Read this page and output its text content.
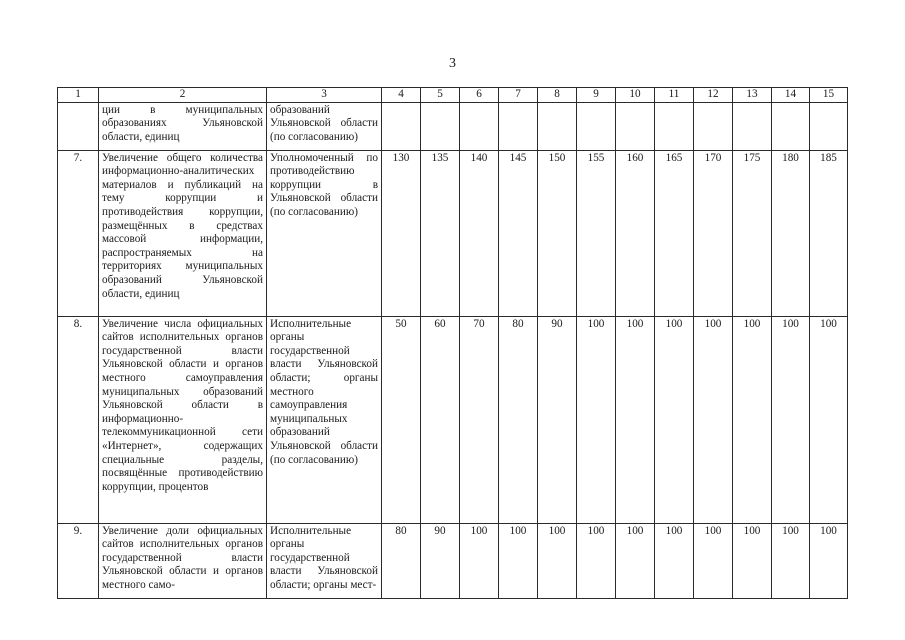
3
1	2	3	4	5	6	7	8	9	10	11	12	13	14	15
	ции в муниципальных образованиях Ульяновской области, единиц	образований Ульяновской области (по согласованию)												
7.	Увеличение общего количества информационно-аналитических материалов и публикаций на тему коррупции и противодействия коррупции, размещённых в средствах массовой информации, распространяемых на территориях муниципальных образований Ульяновской области, единиц	Уполномоченный по противодействию коррупции в Ульяновской области (по согласованию)	130	135	140	145	150	155	160	165	170	175	180	185
8.	Увеличение числа официальных сайтов исполнительных органов государственной власти Ульяновской области и органов местного самоуправления муниципальных образований Ульяновской области в информационно-телекоммуникационной сети «Интернет», содержащих специальные разделы, посвящённые противодействию коррупции, процентов	Исполнительные органы государственной власти Ульяновской области; органы местного самоуправления муниципальных образований Ульяновской области (по согласованию)	50	60	70	80	90	100	100	100	100	100	100	100
9.	Увеличение доли официальных сайтов исполнительных органов государственной власти Ульяновской области и органов местного само-	Исполнительные органы государственной власти Ульяновской области; органы мест-	80	90	100	100	100	100	100	100	100	100	100	100
